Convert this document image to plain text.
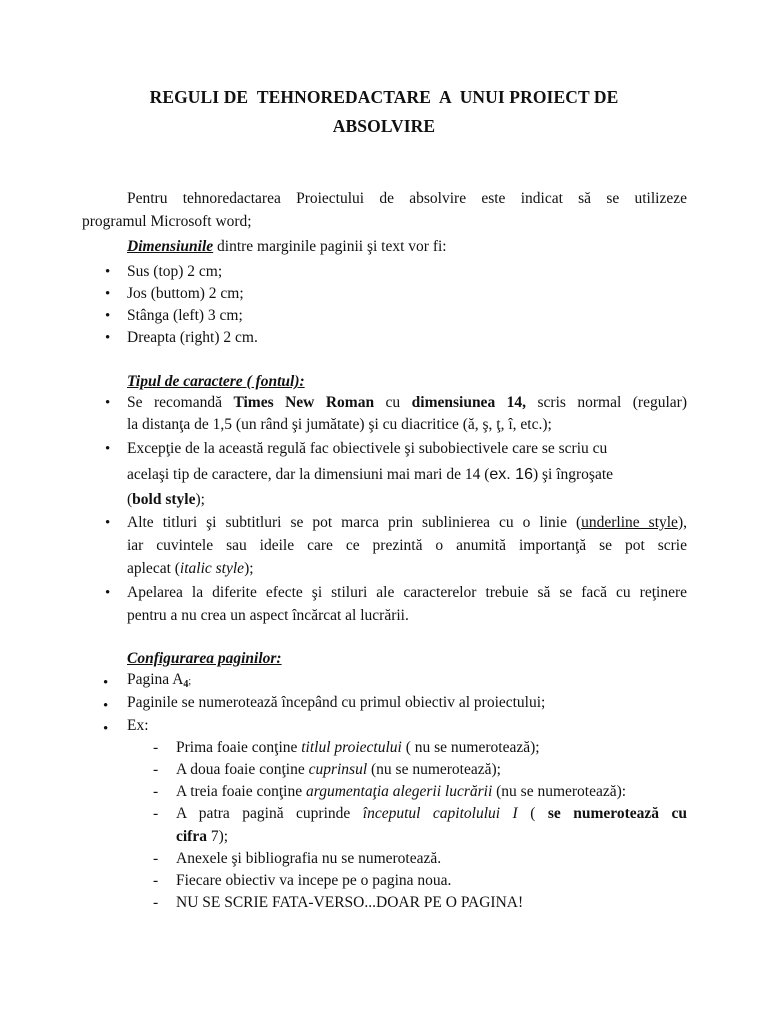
REGULI DE  TEHNOREDACTARE  A  UNUI PROIECT DE
ABSOLVIRE
Pentru tehnoredactarea Proiectului de absolvire este indicat să se utilizeze
programul Microsoft word;
Dimensiunile dintre marginile paginii şi text vor fi:
• Sus (top) 2 cm;
• Jos (buttom) 2 cm;
• Stânga (left) 3 cm;
• Dreapta (right) 2 cm.
Tipul de caractere ( fontul):
• Se recomandă Times New Roman cu dimensiunea 14, scris normal (regular)
la distanţa de 1,5 (un rând şi jumătate) şi cu diacritice (ă, ş, ţ, î, etc.);
• Excepţie de la această regulă fac obiectivele şi subobiectivele care se scriu cu
acelaşi tip de caractere, dar la dimensiuni mai mari de 14 (ex. 16) şi îngroşate
(bold style);
• Alte titluri şi subtitluri se pot marca prin sublinierea cu o linie (underline style),
iar cuvintele sau ideile care ce prezintă o anumită importanţă se pot scrie
aplecat (italic style);
• Apelarea la diferite efecte şi stiluri ale caracterelor trebuie să se facă cu reţinere
pentru a nu crea un aspect încărcat al lucrării.
Configurarea paginilor:
• Pagina $A_4$;
• Paginile se numerotează începând cu primul obiectiv al proiectului;
• Ex:
- Prima foaie conţine titlul proiectului ( nu se numerotează);
- A doua foaie conţine cuprinsul (nu se numerotează);
- A treia foaie conţine argumentaţia alegerii lucrării (nu se numerotează):
- A patra pagină cuprinde începutul capitolului I ( se numerotează cu
cifra 7);
- Anexele şi bibliografia nu se numerotează.
- Fiecare obiectiv va incepe pe o pagina noua.
- NU SE SCRIE FATA-VERSO...DOAR PE O PAGINA!
